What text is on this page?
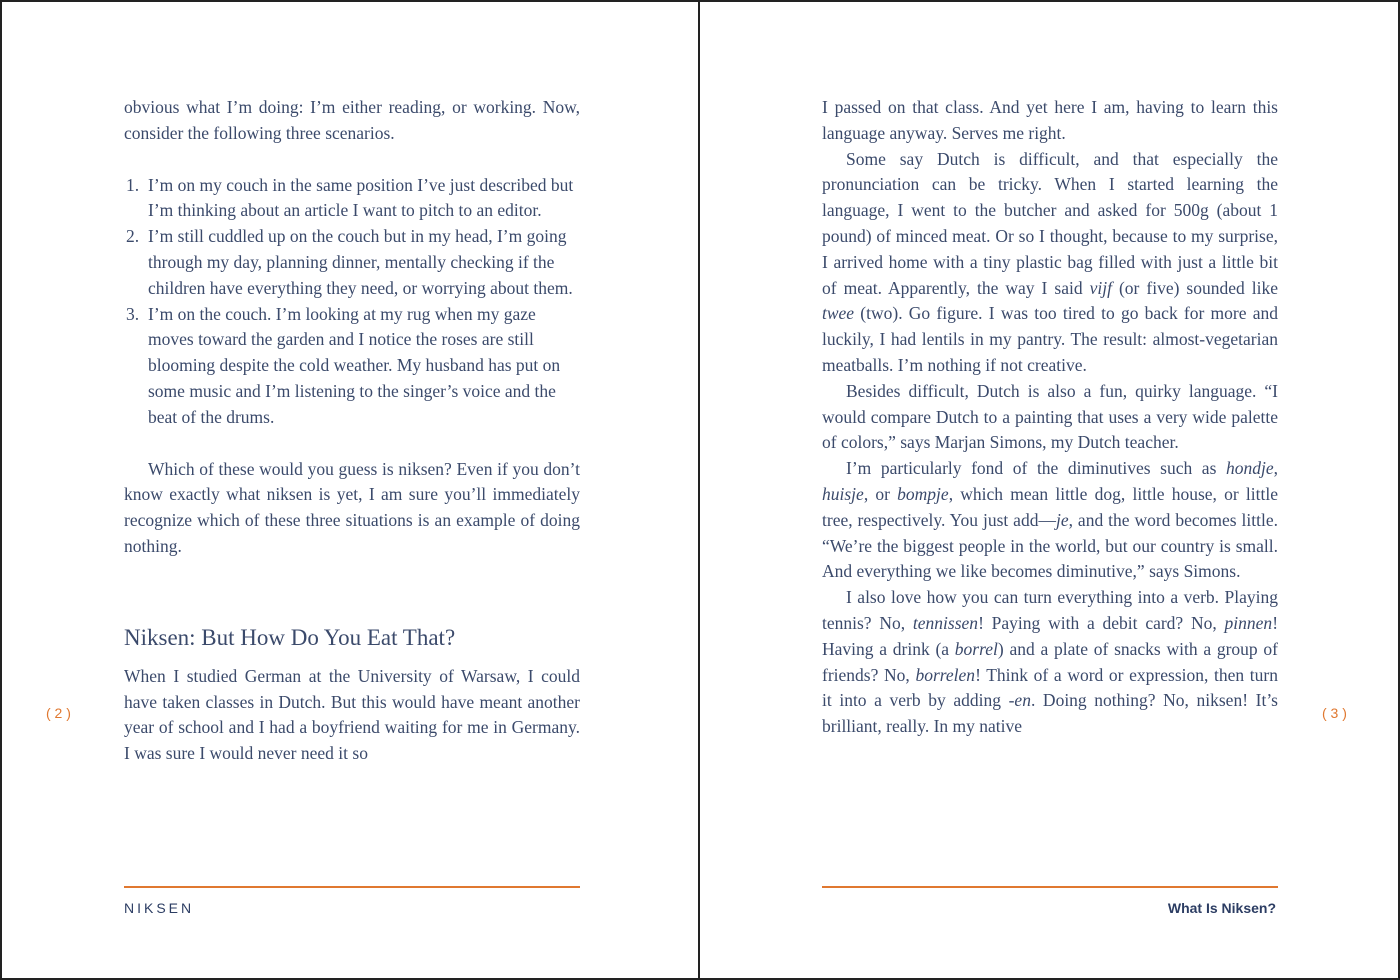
obvious what I’m doing: I’m either reading, or working. Now, consider the following three scenarios.

1. I’m on my couch in the same position I’ve just described but I’m thinking about an article I want to pitch to an editor.
2. I’m still cuddled up on the couch but in my head, I’m going through my day, planning dinner, mentally checking if the children have everything they need, or worrying about them.
3. I’m on the couch. I’m looking at my rug when my gaze moves toward the garden and I notice the roses are still blooming despite the cold weather. My husband has put on some music and I’m listening to the singer’s voice and the beat of the drums.

Which of these would you guess is niksen? Even if you don’t know exactly what niksen is yet, I am sure you’ll immediately recognize which of these three situations is an example of doing nothing.

Niksen: But How Do You Eat That?

When I studied German at the University of Warsaw, I could have taken classes in Dutch. But this would have meant another year of school and I had a boyfriend waiting for me in Germany. I was sure I would never need it so

( 2 )
NIKSEN

I passed on that class. And yet here I am, having to learn this language anyway. Serves me right.

Some say Dutch is difficult, and that especially the pronunciation can be tricky. When I started learning the language, I went to the butcher and asked for 500g (about 1 pound) of minced meat. Or so I thought, because to my surprise, I arrived home with a tiny plastic bag filled with just a little bit of meat. Apparently, the way I said vijf (or five) sounded like twee (two). Go figure. I was too tired to go back for more and luckily, I had lentils in my pantry. The result: almost-vegetarian meatballs. I’m nothing if not creative.

Besides difficult, Dutch is also a fun, quirky language. “I would compare Dutch to a painting that uses a very wide palette of colors,” says Marjan Simons, my Dutch teacher.

I’m particularly fond of the diminutives such as hondje, huisje, or bompje, which mean little dog, little house, or little tree, respectively. You just add—je, and the word becomes little. “We’re the biggest people in the world, but our country is small. And everything we like becomes diminutive,” says Simons.

I also love how you can turn everything into a verb. Playing tennis? No, tennissen! Paying with a debit card? No, pinnen! Having a drink (a borrel) and a plate of snacks with a group of friends? No, borrelen! Think of a word or expression, then turn it into a verb by adding -en. Doing nothing? No, niksen! It’s brilliant, really. In my native

( 3 )
What Is Niksen?
